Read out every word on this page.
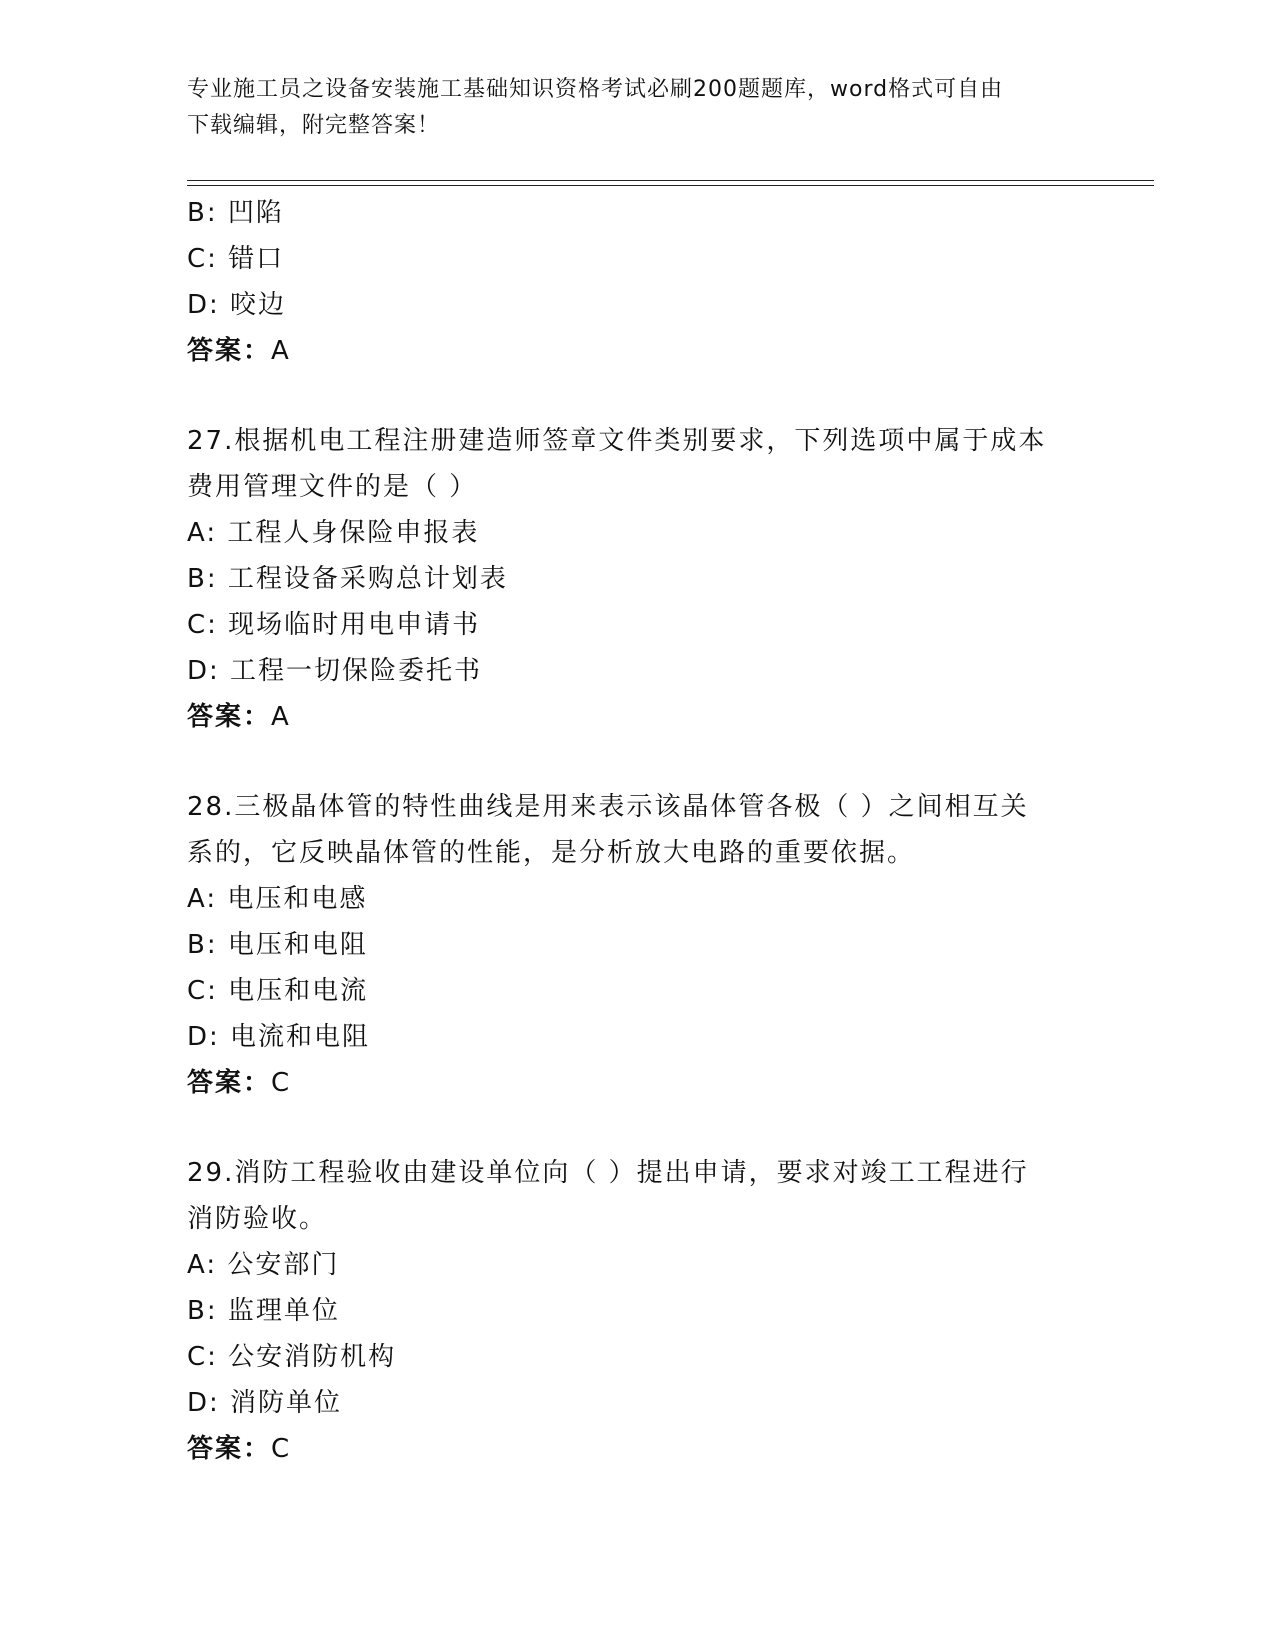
专业施工员之设备安装施工基础知识资格考试必刷200题题库，word格式可自由
下载编辑，附完整答案！
B: 凹陷
C: 错口
D: 咬边
答案：A
27.根据机电工程注册建造师签章文件类别要求，下列选项中属于成本
费用管理文件的是（ ）
A: 工程人身保险申报表
B: 工程设备采购总计划表
C: 现场临时用电申请书
D: 工程一切保险委托书
答案：A
28.三极晶体管的特性曲线是用来表示该晶体管各极（ ）之间相互关
系的，它反映晶体管的性能，是分析放大电路的重要依据。
A: 电压和电感
B: 电压和电阻
C: 电压和电流
D: 电流和电阻
答案：C
29.消防工程验收由建设单位向（ ）提出申请，要求对竣工工程进行
消防验收。
A: 公安部门
B: 监理单位
C: 公安消防机构
D: 消防单位
答案：C
